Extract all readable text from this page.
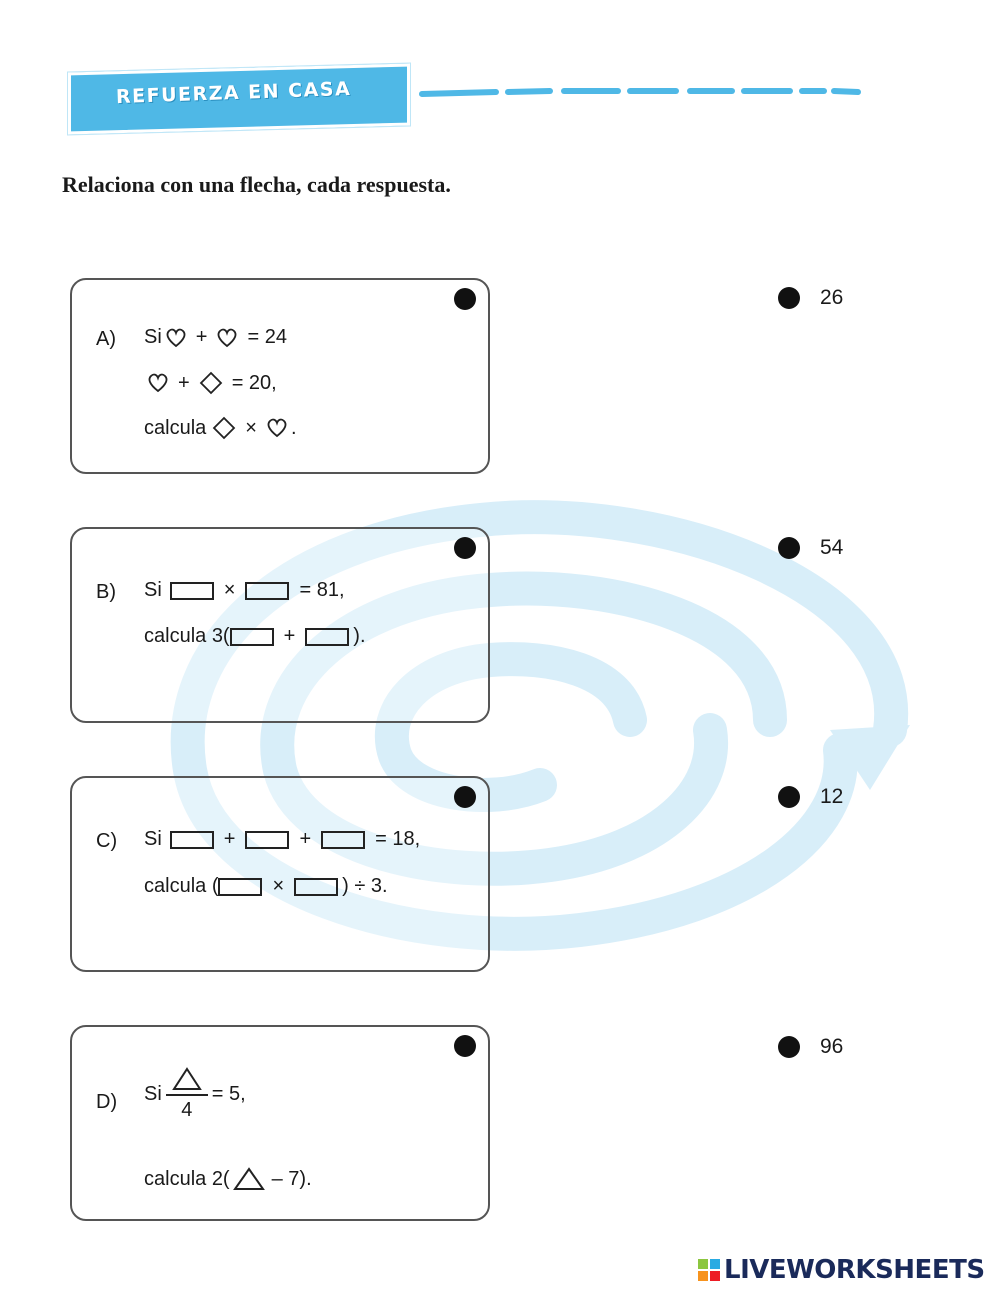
REFUERZA EN CASA
Relaciona con una flecha, cada respuesta.
A) Si + = 24
+ = 20,
calcula × .
B) Si	×	= 81,
calcula 3(	+	).
C) Si	+	+	= 18,
calcula (	×	) ÷ 3.
D) Si
4
= 5,
calcula 2( – 7).
26
54
12
96
LIVEWORKSHEETS
